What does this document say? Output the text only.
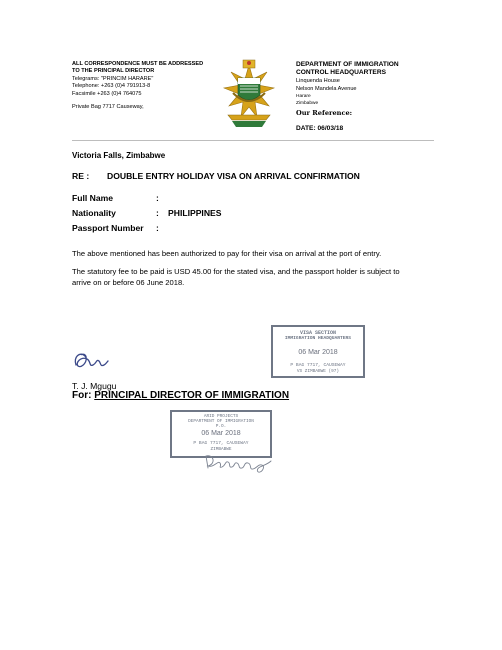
ALL CORRESPONDENCE MUST BE ADDRESSED
TO THE PRINCIPAL DIRECTOR
Telegrams: "PRINCIM HARARE"
Telephone: +263 (0)4 791913-8
Facsimile +263 (0)4 764075
Private Bag 7717 Causeway,
DEPARTMENT OF IMMIGRATION
CONTROL HEADQUARTERS
Linquenda House
Nelson Mandela Avenue
Harare
Zimbabwe
Our Reference:
DATE: 06/03/18
Victoria Falls, Zimbabwe
RE : DOUBLE ENTRY HOLIDAY VISA ON ARRIVAL CONFIRMATION
Full Name	:
Nationality	: PHILIPPINES
Passport Number :
The above mentioned has been authorized to pay for their visa on arrival at the port of entry.
The statutory fee to be paid is USD 45.00 for the stated visa, and the passport holder is subject to arrive on or before 06 June 2018.
VISA SECTION
IMMIGRATION HEADQUARTERS
06 Mar 2018
P BAG 7717, CAUSEWAY
VS ZIMBABWE (97)
T. J. Mgugu
For: PRINCIPAL DIRECTOR OF IMMIGRATION
ARID PROJECTS
DEPARTMENT OF IMMIGRATION
P.O.
06 Mar 2018
P BAG 7717, CAUSEWAY
ZIMBABWE
